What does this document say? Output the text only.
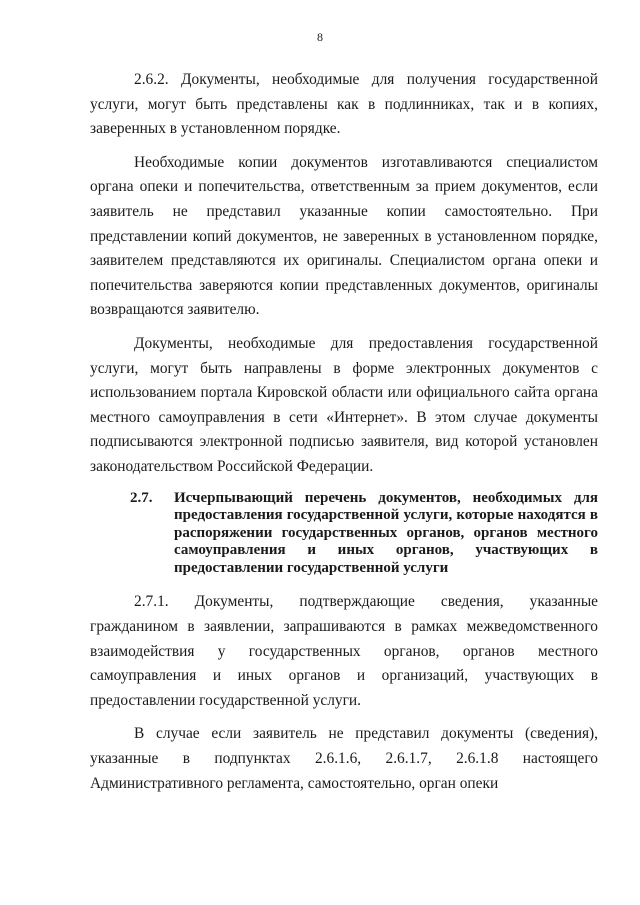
8

2.6.2. Документы, необходимые для получения государственной услуги, могут быть представлены как в подлинниках, так и в копиях, заверенных в установленном порядке.

Необходимые копии документов изготавливаются специалистом органа опеки и попечительства, ответственным за прием документов, если заявитель не представил указанные копии самостоятельно. При представлении копий документов, не заверенных в установленном порядке, заявителем представляются их оригиналы. Специалистом органа опеки и попечительства заверяются копии представленных документов, оригиналы возвращаются заявителю.

Документы, необходимые для предоставления государственной услуги, могут быть направлены в форме электронных документов с использованием портала Кировской области или официального сайта органа местного самоуправления в сети «Интернет». В этом случае документы подписываются электронной подписью заявителя, вид которой установлен законодательством Российской Федерации.

2.7.	Исчерпывающий перечень документов, необходимых для предоставления государственной услуги, которые находятся в распоряжении государственных органов, органов местного самоуправления и иных органов, участвующих в предоставлении государственной услуги

2.7.1. Документы, подтверждающие сведения, указанные гражданином в заявлении, запрашиваются в рамках межведомственного взаимодействия у государственных органов, органов местного самоуправления и иных органов и организаций, участвующих в предоставлении государственной услуги.

В случае если заявитель не представил документы (сведения), указанные в подпунктах 2.6.1.6, 2.6.1.7, 2.6.1.8 настоящего Административного регламента, самостоятельно, орган опеки
